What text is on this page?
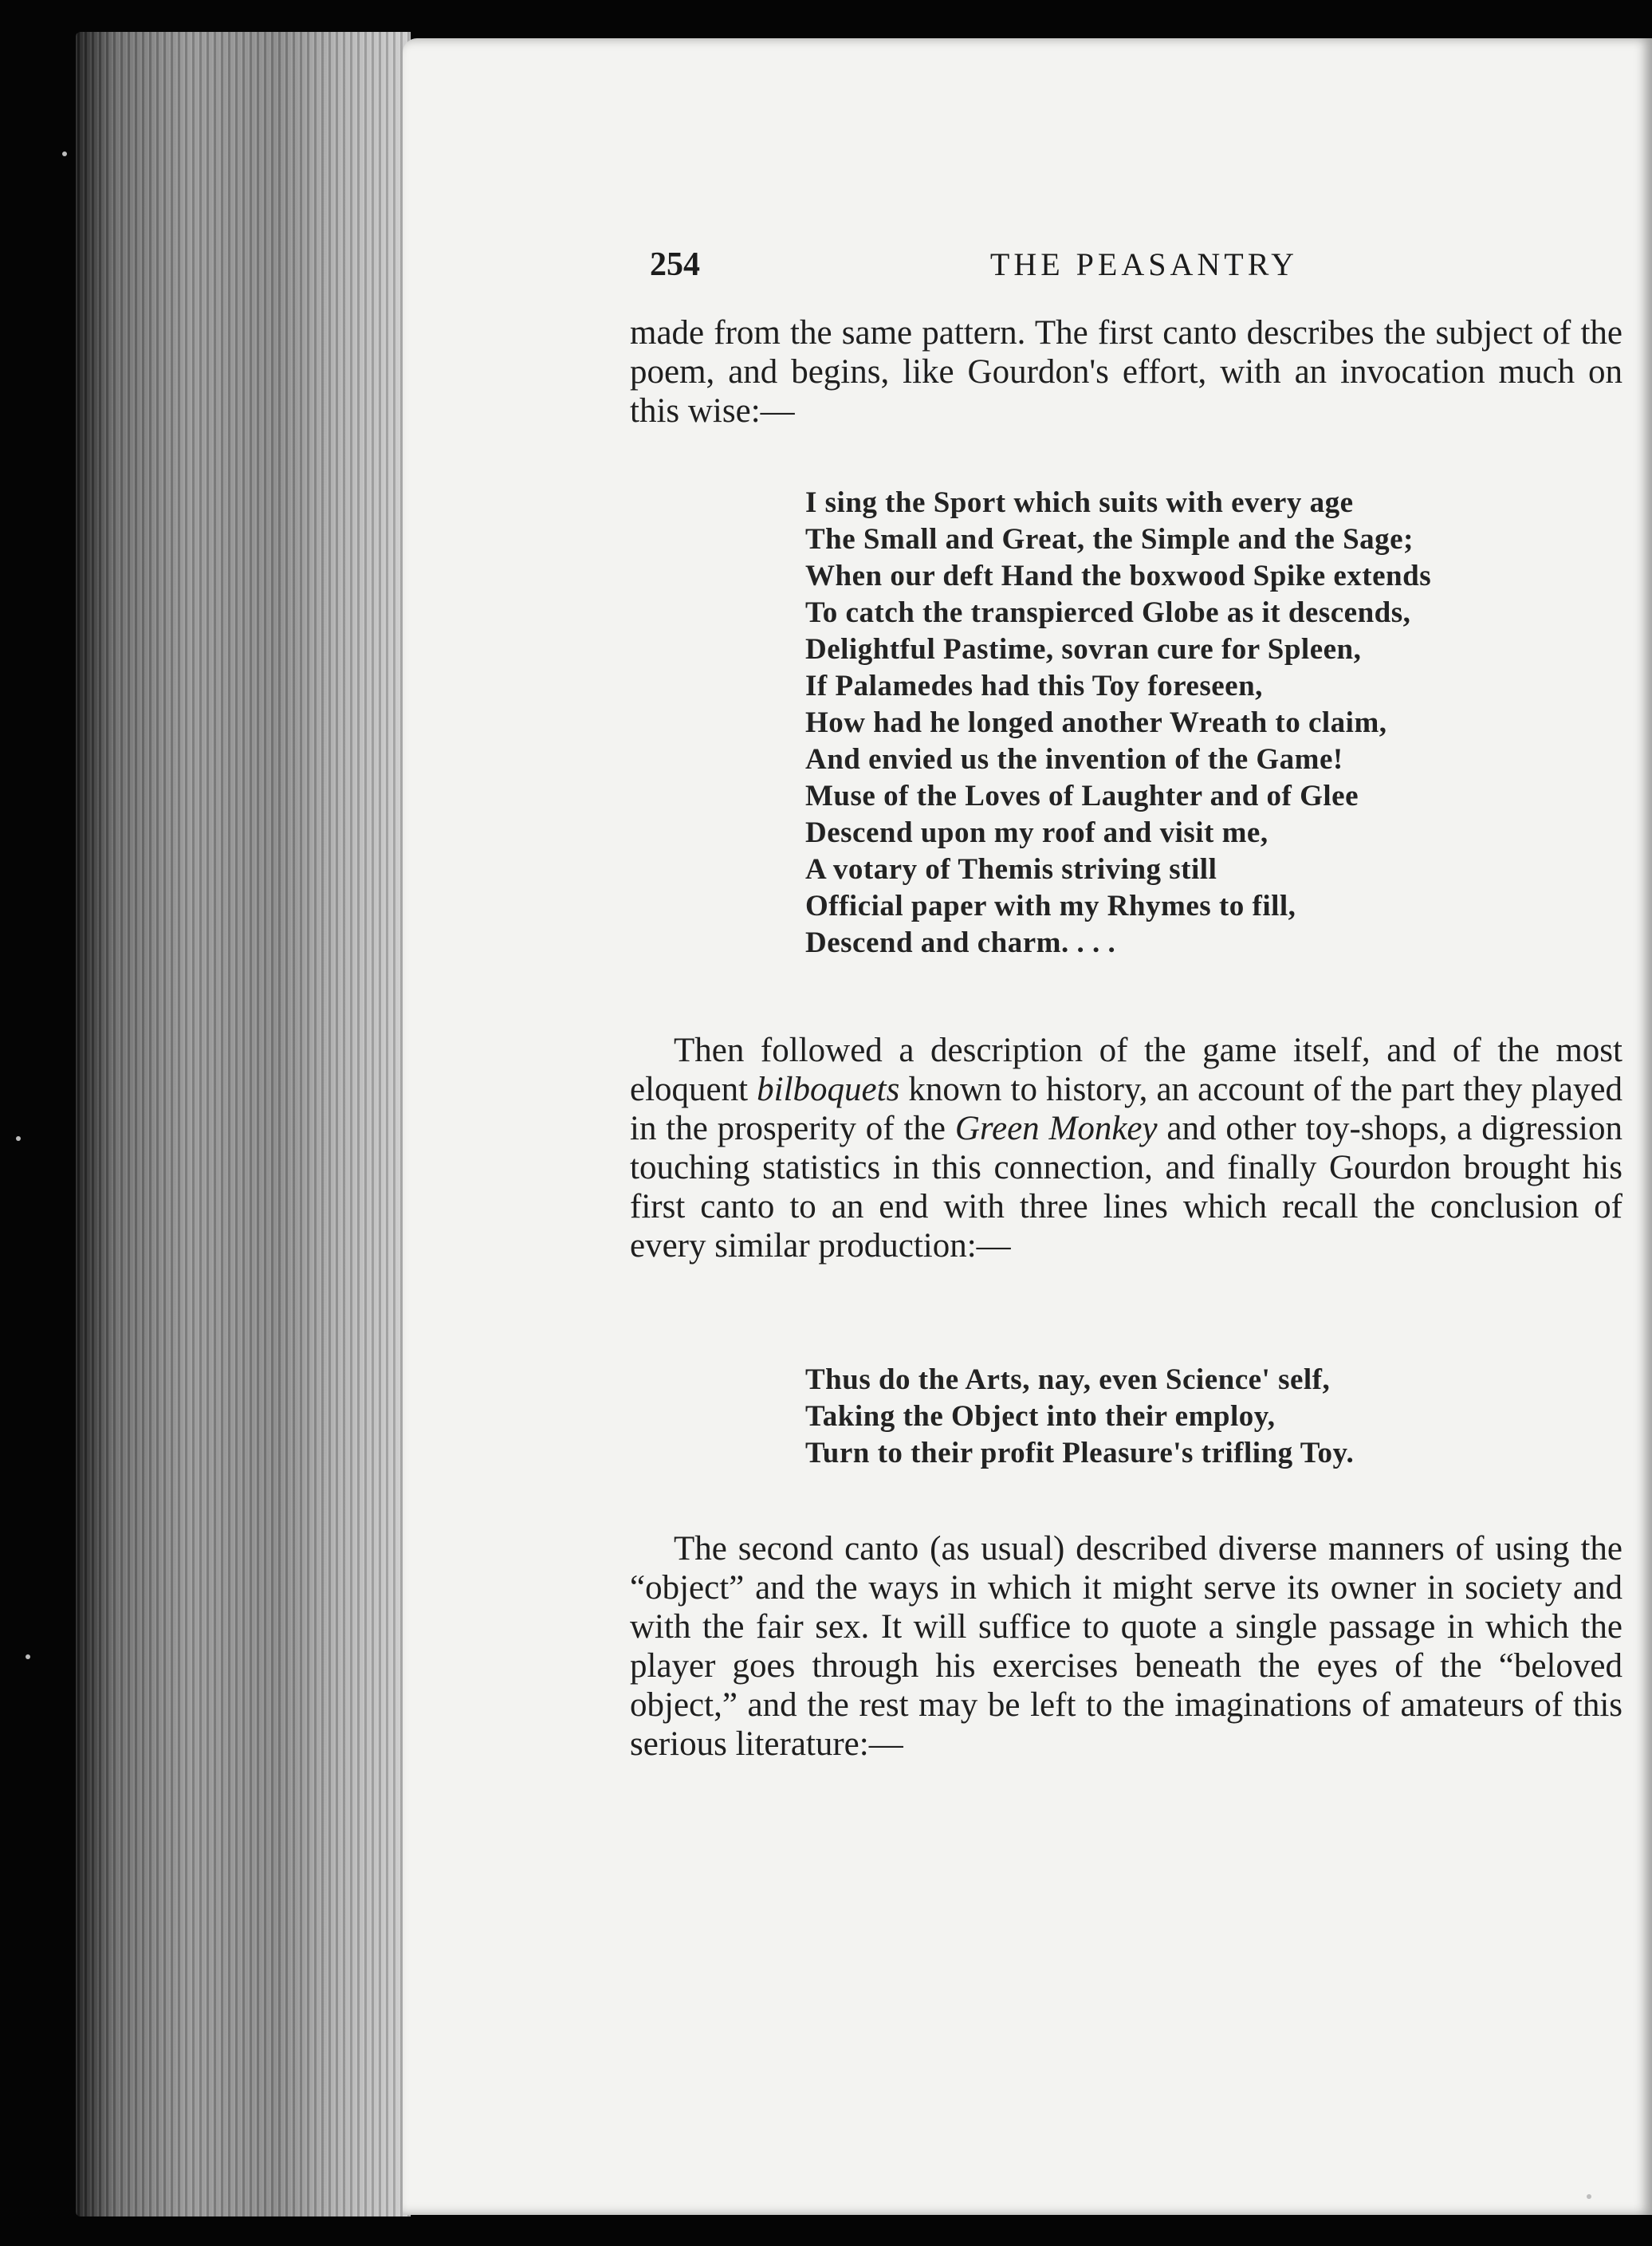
254	THE PEASANTRY

made from the same pattern. The first canto describes the subject of the poem, and begins, like Gourdon's effort, with an invocation much on this wise:—

I sing the Sport which suits with every age
The Small and Great, the Simple and the Sage;
When our deft Hand the boxwood Spike extends
To catch the transpierced Globe as it descends,
Delightful Pastime, sovran cure for Spleen,
If Palamedes had this Toy foreseen,
How had he longed another Wreath to claim,
And envied us the invention of the Game!
Muse of the Loves of Laughter and of Glee
Descend upon my roof and visit me,
A votary of Themis striving still
Official paper with my Rhymes to fill,
Descend and charm. . . .

Then followed a description of the game itself, and of the most eloquent bilboquets known to history, an account of the part they played in the prosperity of the Green Monkey and other toy-shops, a digression touching statistics in this connection, and finally Gourdon brought his first canto to an end with three lines which recall the conclusion of every similar production:—

Thus do the Arts, nay, even Science' self,
Taking the Object into their employ,
Turn to their profit Pleasure's trifling Toy.

The second canto (as usual) described diverse manners of using the “object” and the ways in which it might serve its owner in society and with the fair sex. It will suffice to quote a single passage in which the player goes through his exercises beneath the eyes of the “beloved object,” and the rest may be left to the imaginations of amateurs of this serious literature:—
